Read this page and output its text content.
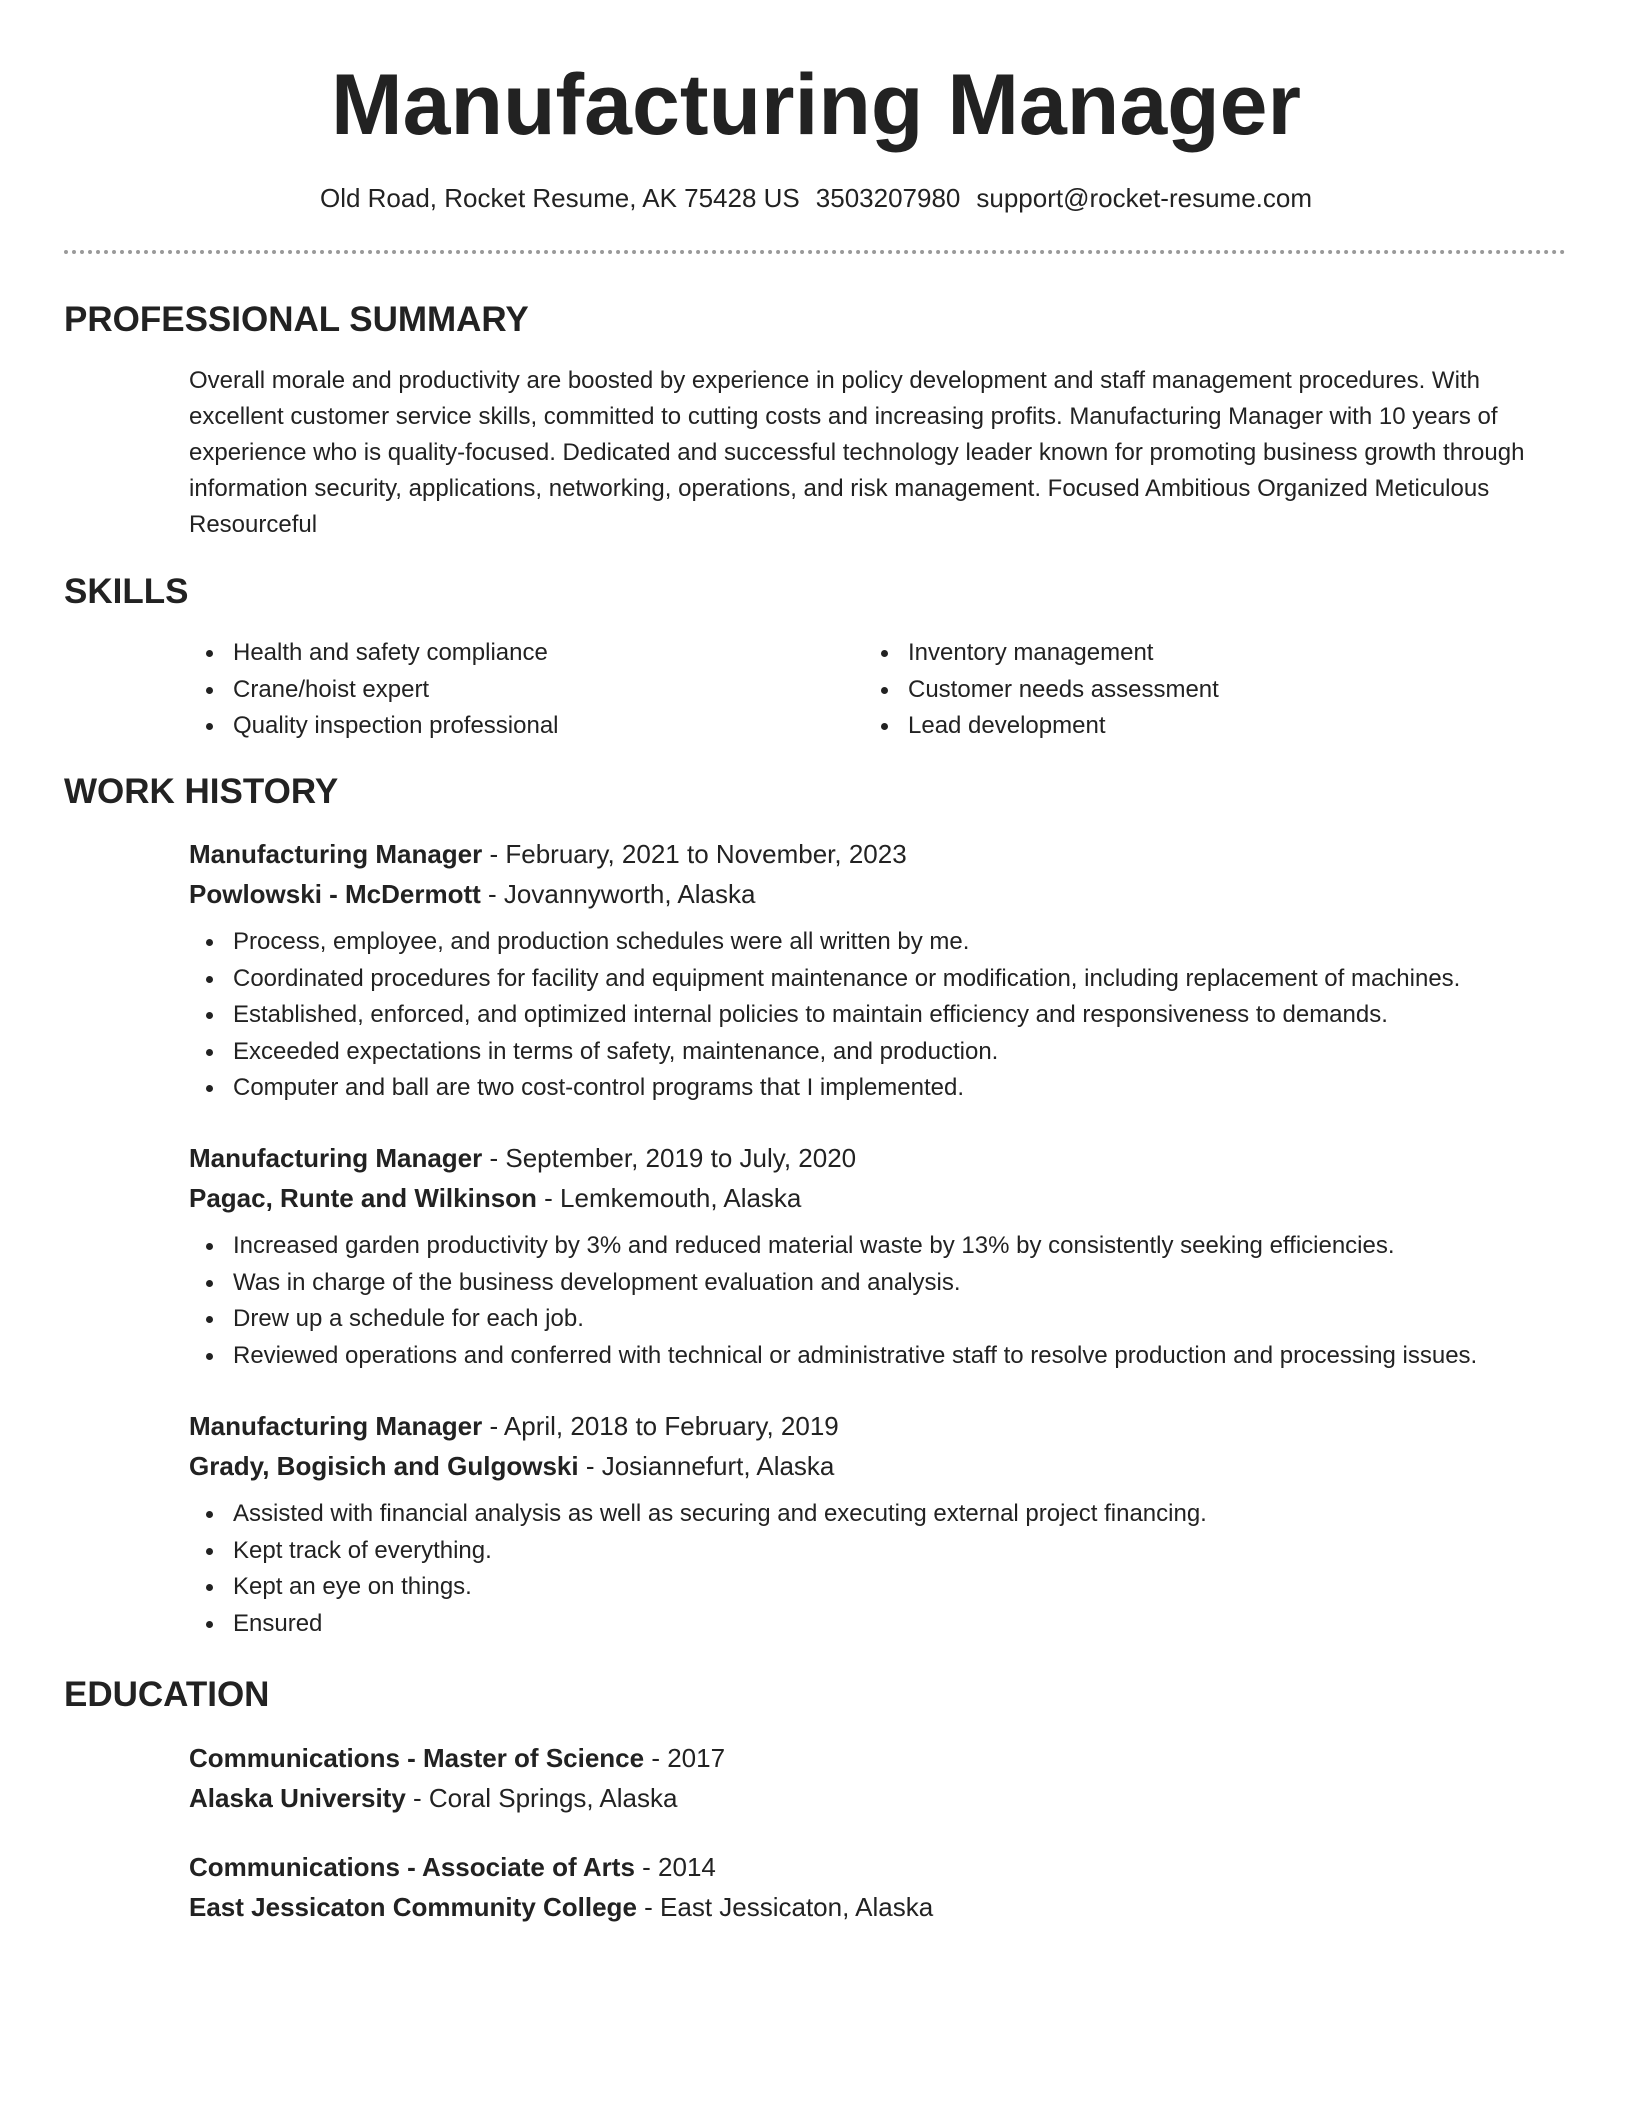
Manufacturing Manager
Old Road, Rocket Resume, AK 75428 US 3503207980 support@rocket-resume.com
PROFESSIONAL SUMMARY
Overall morale and productivity are boosted by experience in policy development and staff management procedures. With excellent customer service skills, committed to cutting costs and increasing profits. Manufacturing Manager with 10 years of experience who is quality-focused. Dedicated and successful technology leader known for promoting business growth through information security, applications, networking, operations, and risk management. Focused Ambitious Organized Meticulous Resourceful
SKILLS
Health and safety compliance
Crane/hoist expert
Quality inspection professional
Inventory management
Customer needs assessment
Lead development
WORK HISTORY
Manufacturing Manager - February, 2021 to November, 2023
Powlowski - McDermott - Jovannyworth, Alaska
Process, employee, and production schedules were all written by me.
Coordinated procedures for facility and equipment maintenance or modification, including replacement of machines.
Established, enforced, and optimized internal policies to maintain efficiency and responsiveness to demands.
Exceeded expectations in terms of safety, maintenance, and production.
Computer and ball are two cost-control programs that I implemented.
Manufacturing Manager - September, 2019 to July, 2020
Pagac, Runte and Wilkinson - Lemkemouth, Alaska
Increased garden productivity by 3% and reduced material waste by 13% by consistently seeking efficiencies.
Was in charge of the business development evaluation and analysis.
Drew up a schedule for each job.
Reviewed operations and conferred with technical or administrative staff to resolve production and processing issues.
Manufacturing Manager - April, 2018 to February, 2019
Grady, Bogisich and Gulgowski - Josiannefurt, Alaska
Assisted with financial analysis as well as securing and executing external project financing.
Kept track of everything.
Kept an eye on things.
Ensured
EDUCATION
Communications - Master of Science - 2017
Alaska University - Coral Springs, Alaska
Communications - Associate of Arts - 2014
East Jessicaton Community College - East Jessicaton, Alaska
